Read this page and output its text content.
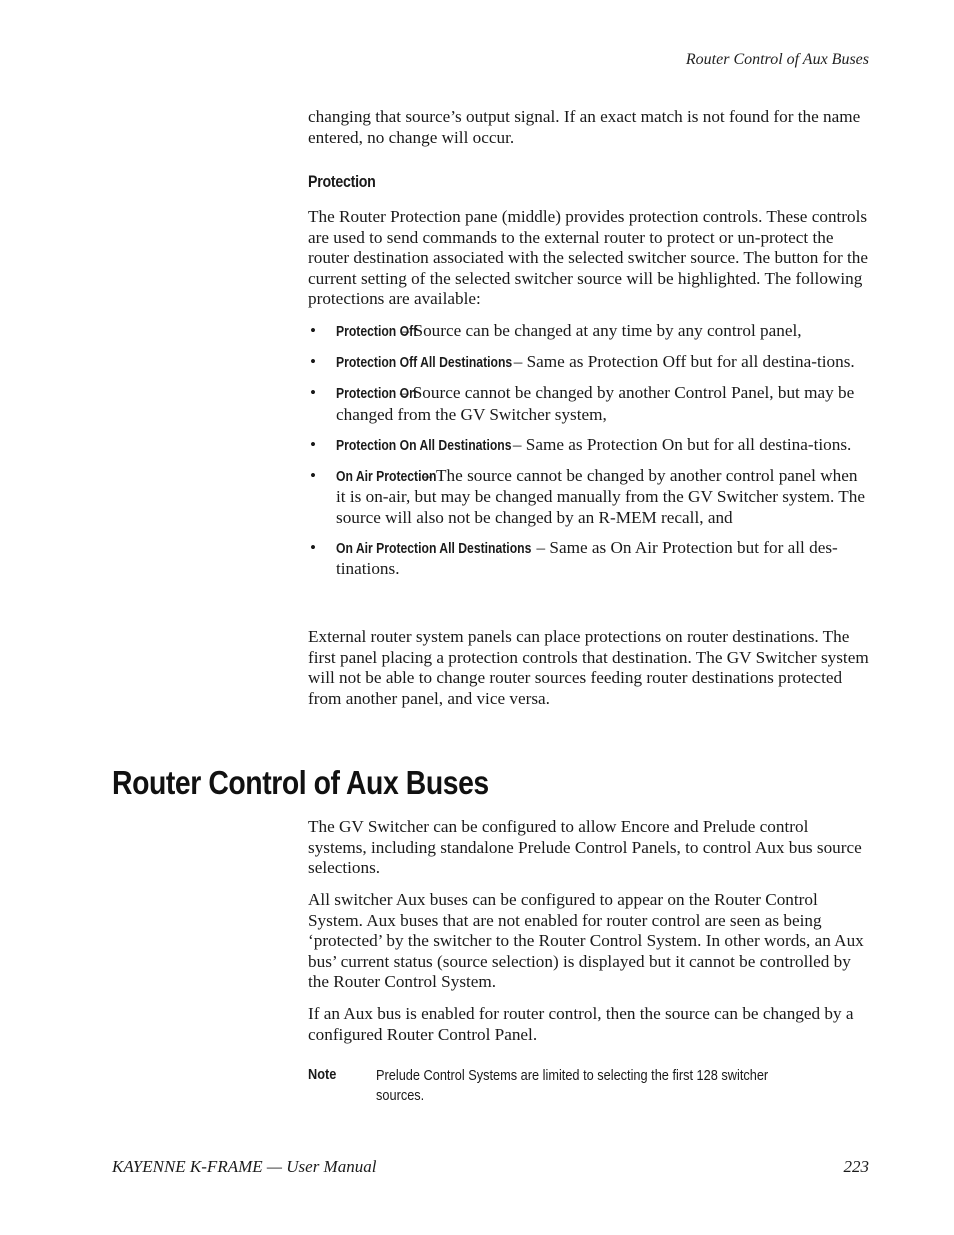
Router Control of Aux Buses

changing that source’s output signal. If an exact match is not found for the name entered, no change will occur.

Protection

The Router Protection pane (middle) provides protection controls. These controls are used to send commands to the external router to protect or un-protect the router destination associated with the selected switcher source. The button for the current setting of the selected switcher source will be highlighted. The following protections are available:

• Protection Off– Source can be changed at any time by any control panel,
• Protection Off All Destinations– Same as Protection Off but for all destina-tions.
• Protection On– Source cannot be changed by another Control Panel, but may be changed from the GV Switcher system,
• Protection On All Destinations– Same as Protection On but for all destina-tions.
• On Air Protection– The source cannot be changed by another control panel when it is on-air, but may be changed manually from the GV Switcher system. The source will also not be changed by an R-MEM recall, and
• On Air Protection All Destinations – Same as On Air Protection but for all des-tinations.

External router system panels can place protections on router destinations. The first panel placing a protection controls that destination. The GV Switcher system will not be able to change router sources feeding router destinations protected from another panel, and vice versa.

Router Control of Aux Buses

The GV Switcher can be configured to allow Encore and Prelude control systems, including standalone Prelude Control Panels, to control Aux bus source selections.

All switcher Aux buses can be configured to appear on the Router Control System. Aux buses that are not enabled for router control are seen as being ‘protected’ by the switcher to the Router Control System. In other words, an Aux bus’ current status (source selection) is displayed but it cannot be controlled by the Router Control System.

If an Aux bus is enabled for router control, then the source can be changed by a configured Router Control Panel.

Note	Prelude Control Systems are limited to selecting the first 128 switcher sources.
KAYENNE K-FRAME — User Manual	223
